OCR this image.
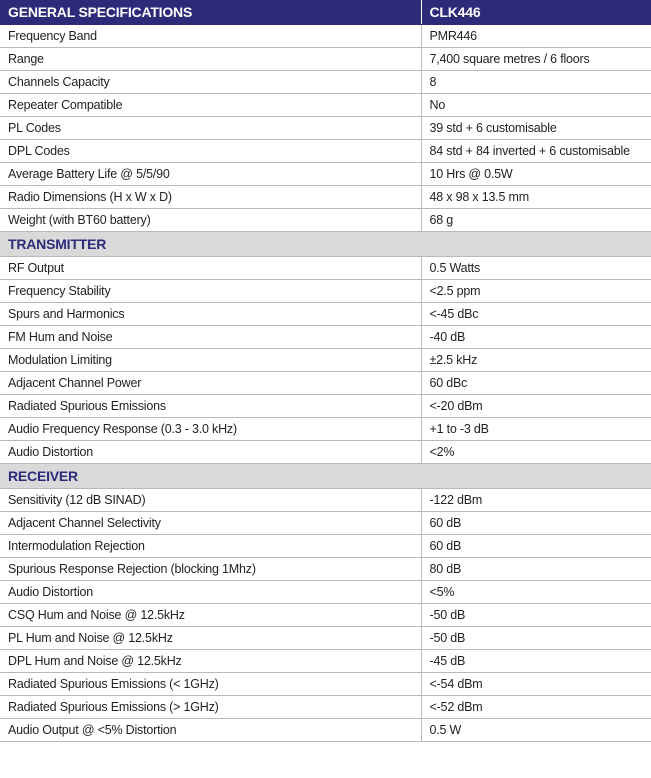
GENERAL SPECIFICATIONS	CLK446
Frequency Band	PMR446
Range	7,400 square metres / 6 floors
Channels Capacity	8
Repeater Compatible	No
PL Codes	39 std + 6 customisable
DPL Codes	84 std + 84 inverted + 6 customisable
Average Battery Life @ 5/5/90	10 Hrs @ 0.5W
Radio Dimensions (H x W x D)	48 x 98 x 13.5 mm
Weight (with BT60 battery)	68 g
TRANSMITTER	
RF Output	0.5 Watts
Frequency Stability	<2.5 ppm
Spurs and Harmonics	<-45 dBc
FM Hum and Noise	-40 dB
Modulation Limiting	±2.5 kHz
Adjacent Channel Power	60 dBc
Radiated Spurious Emissions	<-20 dBm
Audio Frequency Response (0.3 - 3.0 kHz)	+1 to -3 dB
Audio Distortion	<2%
RECEIVER	
Sensitivity (12 dB SINAD)	-122 dBm
Adjacent Channel Selectivity	60 dB
Intermodulation Rejection	60 dB
Spurious Response Rejection (blocking 1Mhz)	80 dB
Audio Distortion	<5%
CSQ Hum and Noise @ 12.5kHz	-50 dB
PL Hum and Noise @ 12.5kHz	-50 dB
DPL Hum and Noise @ 12.5kHz	-45 dB
Radiated Spurious Emissions (< 1GHz)	<-54 dBm
Radiated Spurious Emissions (> 1GHz)	<-52 dBm
Audio Output @ <5% Distortion	0.5 W
